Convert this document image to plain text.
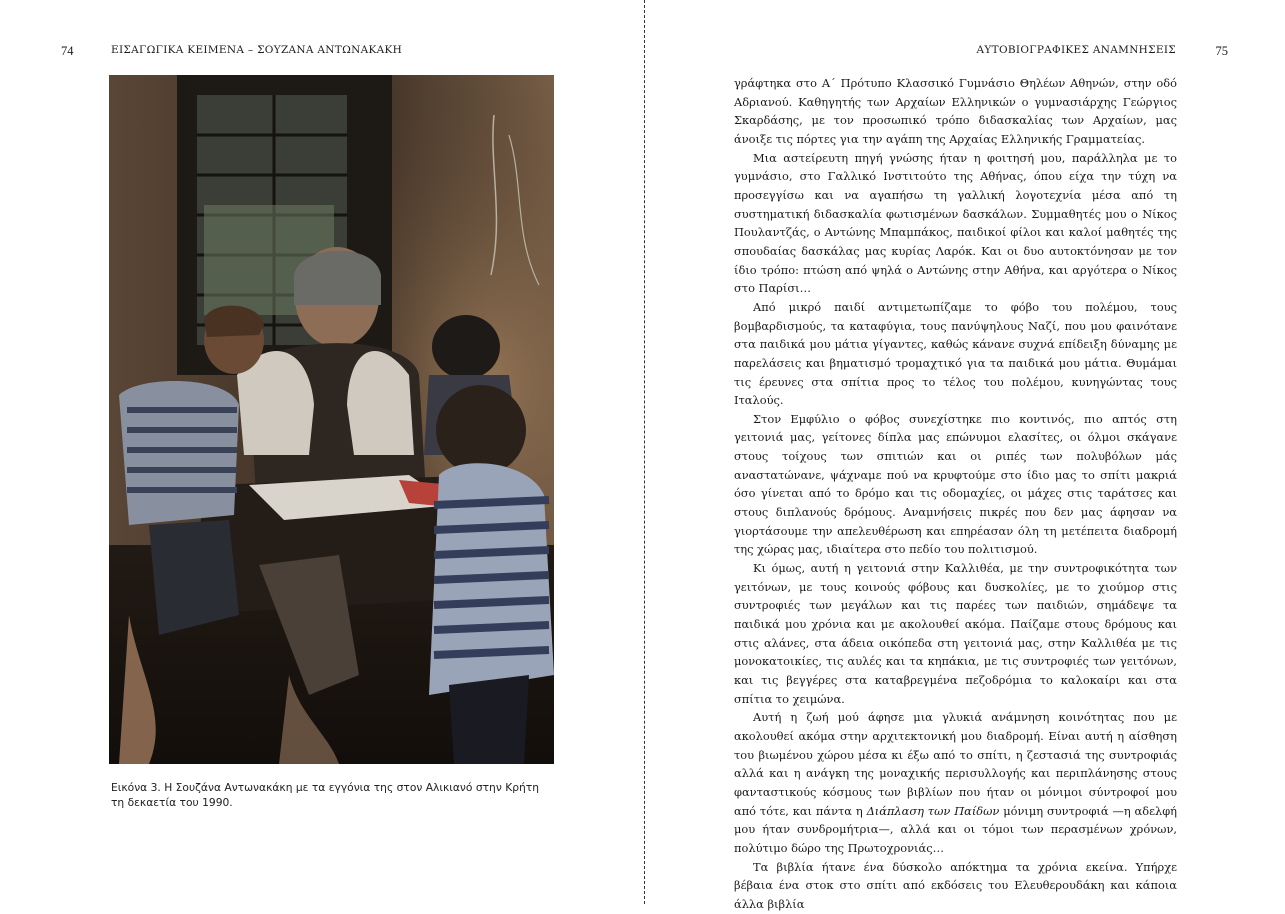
74	ΕΙΣΑΓΩΓΙΚΑ ΚΕΙΜΕΝΑ – ΣΟΥΖΑΝΑ ΑΝΤΩΝΑΚΑΚΗ
Εικόνα 3. Η Σουζάνα Αντωνακάκη με τα εγγόνια της στον Αλικιανό στην Κρήτη τη δεκαετία του 1990.
ΑΥΤΟΒΙΟΓΡΑΦΙΚΕΣ ΑΝΑΜΝΗΣΕΙΣ	75

γράφτηκα στο Α΄ Πρότυπο Κλασσικό Γυμνάσιο Θηλέων Αθηνών, στην οδό Αδριανού. Καθηγητής των Αρχαίων Ελληνικών ο γυμνασιάρχης Γεώργιος Σκαρδάσης, με τον προσωπικό τρόπο διδασκαλίας των Αρχαίων, μας άνοιξε τις πόρτες για την αγάπη της Αρχαίας Ελληνικής Γραμματείας.

Μια αστείρευτη πηγή γνώσης ήταν η φοιτησή μου, παράλληλα με το γυμνάσιο, στο Γαλλικό Ινστιτούτο της Αθήνας, όπου είχα την τύχη να προσεγγίσω και να αγαπήσω τη γαλλική λογοτεχνία μέσα από τη συστηματική διδασκαλία φωτισμένων δασκάλων. Συμμαθητές μου ο Νίκος Πουλαντζάς, ο Αντώνης Μπαμπάκος, παιδικοί φίλοι και καλοί μαθητές της σπουδαίας δασκάλας μας κυρίας Λαρόκ. Και οι δυο αυτοκτόνησαν με τον ίδιο τρόπο: πτώση από ψηλά ο Αντώνης στην Αθήνα, και αργότερα ο Νίκος στο Παρίσι…

Από μικρό παιδί αντιμετωπίζαμε το φόβο του πολέμου, τους βομβαρδισμούς, τα καταφύγια, τους πανύψηλους Ναζί, που μου φαινότανε στα παιδικά μου μάτια γίγαντες, καθώς κάνανε συχνά επίδειξη δύναμης με παρελάσεις και βηματισμό τρομαχτικό για τα παιδικά μου μάτια. Θυμάμαι τις έρευνες στα σπίτια προς το τέλος του πολέμου, κυνηγώντας τους Ιταλούς.

Στον Εμφύλιο ο φόβος συνεχίστηκε πιο κοντινός, πιο απτός στη γειτονιά μας, γείτονες δίπλα μας επώνυμοι ελασίτες, οι όλμοι σκάγανε στους τοίχους των σπιτιών και οι ριπές των πολυβόλων μάς αναστατώνανε, ψάχναμε πού να κρυφτούμε στο ίδιο μας το σπίτι μακριά όσο γίνεται από το δρόμο και τις οδομαχίες, οι μάχες στις ταράτσες και στους διπλανούς δρόμους. Αναμνήσεις πικρές που δεν μας άφησαν να γιορτάσουμε την απελευθέρωση και επηρέασαν όλη τη μετέπειτα διαδρομή της χώρας μας, ιδιαίτερα στο πεδίο του πολιτισμού.

Κι όμως, αυτή η γειτονιά στην Καλλιθέα, με την συντροφικότητα των γειτόνων, με τους κοινούς φόβους και δυσκολίες, με το χιούμορ στις συντροφιές των μεγάλων και τις παρέες των παιδιών, σημάδεψε τα παιδικά μου χρόνια και με ακολουθεί ακόμα. Παίζαμε στους δρόμους και στις αλάνες, στα άδεια οικόπεδα στη γειτονιά μας, στην Καλλιθέα με τις μονοκατοικίες, τις αυλές και τα κηπάκια, με τις συντροφιές των γειτόνων, και τις βεγγέρες στα καταβρεγμένα πεζοδρόμια το καλοκαίρι και στα σπίτια το χειμώνα.

Αυτή η ζωή μού άφησε μια γλυκιά ανάμνηση κοινότητας που με ακολουθεί ακόμα στην αρχιτεκτονική μου διαδρομή. Είναι αυτή η αίσθηση του βιωμένου χώρου μέσα κι έξω από το σπίτι, η ζεστασιά της συντροφιάς αλλά και η ανάγκη της μοναχικής περισυλλογής και περιπλάνησης στους φανταστικούς κόσμους των βιβλίων που ήταν οι μόνιμοι σύντροφοί μου από τότε, και πάντα η Διάπλαση των Παίδων μόνιμη συντροφιά —η αδελφή μου ήταν συνδρομήτρια—, αλλά και οι τόμοι των περασμένων χρόνων, πολύτιμο δώρο της Πρωτοχρονιάς…

Τα βιβλία ήτανε ένα δύσκολο απόκτημα τα χρόνια εκείνα. Υπήρχε βέβαια ένα στοκ στο σπίτι από εκδόσεις του Ελευθερουδάκη και κάποια άλλα βιβλία
